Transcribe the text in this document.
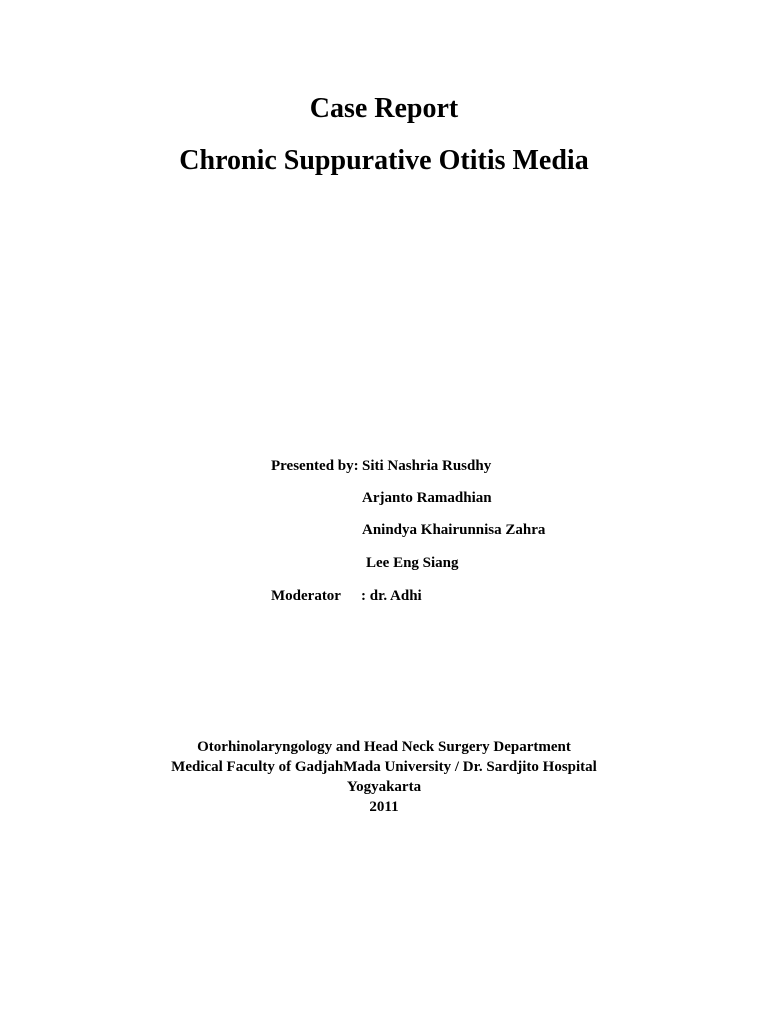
Case Report
Chronic Suppurative Otitis Media
Presented by: Siti Nashria Rusdhy
Arjanto Ramadhian
Anindya Khairunnisa Zahra
Lee Eng Siang
Moderator : dr. Adhi
Otorhinolaryngology and Head Neck Surgery Department
Medical Faculty of GadjahMada University / Dr. Sardjito Hospital
Yogyakarta
2011
